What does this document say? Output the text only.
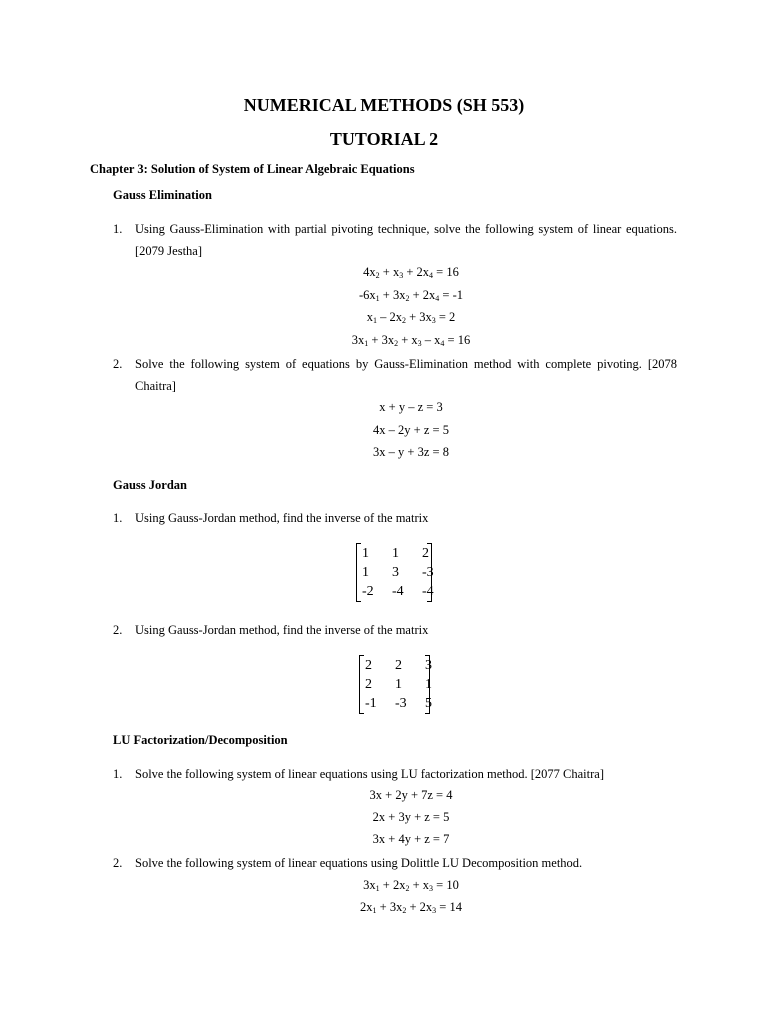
NUMERICAL METHODS (SH 553)
TUTORIAL 2
Chapter 3: Solution of System of Linear Algebraic Equations
Gauss Elimination
1. Using Gauss-Elimination with partial pivoting technique, solve the following system of linear equations. [2079 Jestha]
$4x_2 + x_3 + 2x_4 = 16$
$-6x_1 + 3x_2 + 2x_4 = -1$
$x_1 - 2x_2 + 3x_3 = 2$
$3x_1 + 3x_2 + x_3 - x_4 = 16$
2. Solve the following system of equations by Gauss-Elimination method with complete pivoting. [2078 Chaitra]
x + y – z = 3
4x – 2y + z = 5
3x – y + 3z = 8
Gauss Jordan
1. Using Gauss-Jordan method, find the inverse of the matrix
1	1	2
1	3	-3
-2	-4	-4
2. Using Gauss-Jordan method, find the inverse of the matrix
2	2	3
2	1	1
-1	-3	5
LU Factorization/Decomposition
1. Solve the following system of linear equations using LU factorization method. [2077 Chaitra]
3x + 2y + 7z = 4
2x + 3y + z = 5
3x + 4y + z = 7
2. Solve the following system of linear equations using Dolittle LU Decomposition method.
$3x_1 + 2x_2 + x_3 = 10$
$2x_1 + 3x_2 + 2x_3 = 14$
